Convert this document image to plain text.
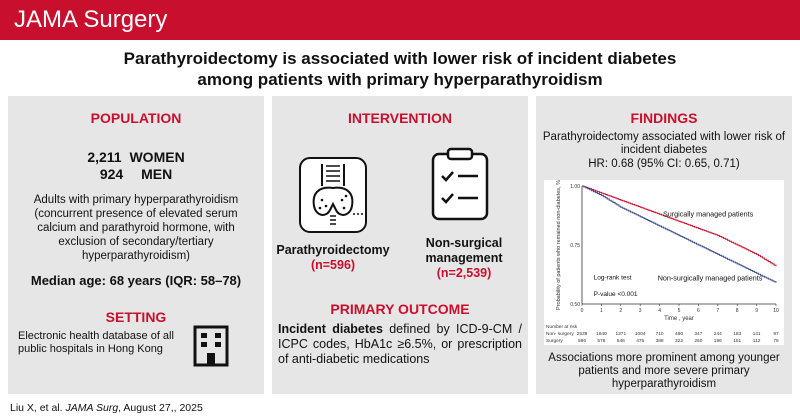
JAMA Surgery
Parathyroidectomy is associated with lower risk of incident diabetes
among patients with primary hyperparathyroidism
POPULATION
2,211 WOMEN
924 MEN
Adults with primary hyperparathyroidism (concurrent presence of elevated serum calcium and parathyroid hormone, with exclusion of secondary/tertiary hyperparathyroidism)
Median age: 68 years (IQR: 58–78)
SETTING
Electronic health database of all public hospitals in Hong Kong
INTERVENTION
Parathyroidectomy
(n=596)
Non-surgical
management
(n=2,539)
PRIMARY OUTCOME
Incident diabetes defined by ICD-9-CM / ICPC codes, HbA1c ≥6.5%, or prescription of anti-diabetic medications
FINDINGS
Parathyroidectomy associated with lower risk of
incident diabetes
HR: 0.68 (95% CI: 0.65, 0.71)
0	1	2	3	4	5	6	7	8	9	10
1.00
0.75
0.50
Time , year
Probability of patients who remained non-diabetes, %	Surgically managed patients
Non-surgically managed patients
Log-rank test
P-value <0.001
Number at risk
Non- surgery 2539 1840 1371 1004 710 480 347 244 183 141	97
Surgery	596 578 546 475 388 322 260 196 151 112	78
Associations more prominent among younger
patients and more severe primary
hyperparathyroidism
Liu X, et al. JAMA Surg, August 27,, 2025
